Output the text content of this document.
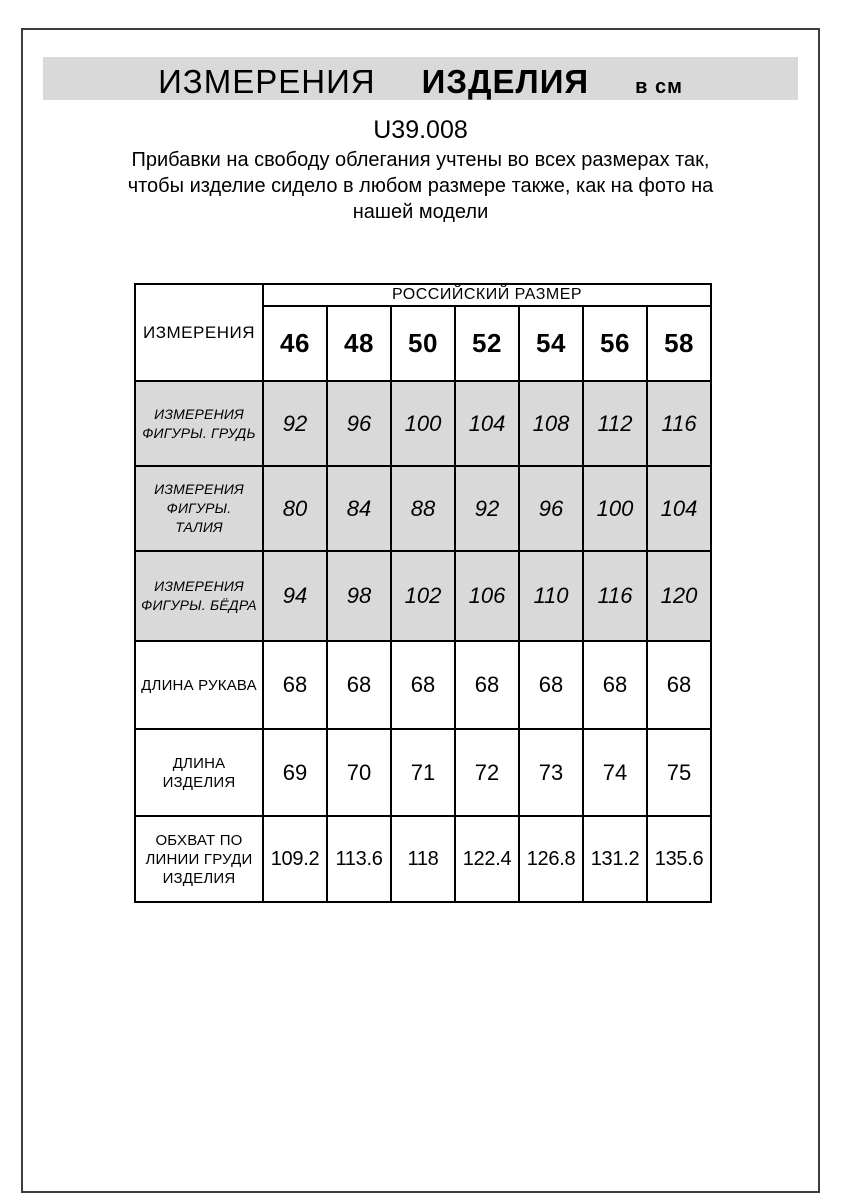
ИЗМЕРЕНИЯ ИЗДЕЛИЯ в см
U39.008
Прибавки на свободу облегания учтены во всех размерах так,
чтобы изделие сидело в любом размере также, как на фото на
нашей модели
ИЗМЕРЕНИЯ	РОССИЙСКИЙ РАЗМЕР						
	46	48	50	52	54	56	58
ИЗМЕРЕНИЯ ФИГУРЫ. ГРУДЬ	92	96	100	104	108	112	116
ИЗМЕРЕНИЯ ФИГУРЫ. ТАЛИЯ	80	84	88	92	96	100	104
ИЗМЕРЕНИЯ ФИГУРЫ. БЁДРА	94	98	102	106	110	116	120
ДЛИНА РУКАВА	68	68	68	68	68	68	68
ДЛИНА ИЗДЕЛИЯ	69	70	71	72	73	74	75
ОБХВАТ ПО ЛИНИИ ГРУДИ ИЗДЕЛИЯ	109.2	113.6	118	122.4	126.8	131.2	135.6
